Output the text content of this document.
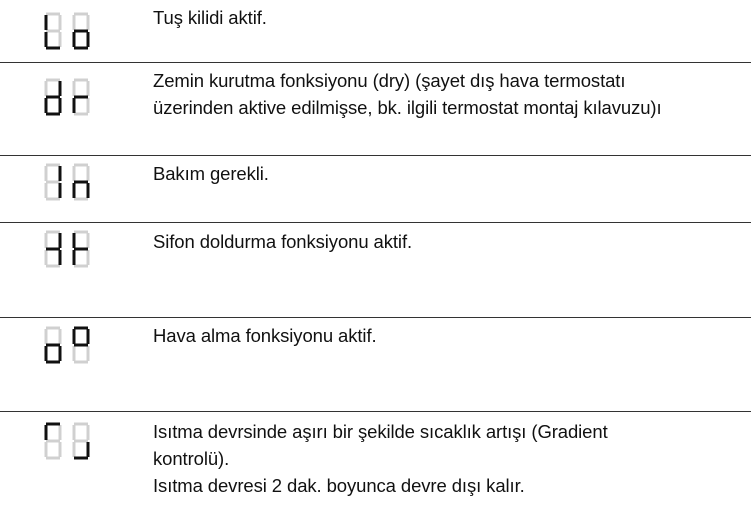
Tuş kilidi aktif.

Zemin kurutma fonksiyonu (dry) (şayet dış hava termostatı

üzerinden aktive edilmişse, bk. ilgili termostat montaj kılavuzu)ı

Bakım gerekli.

Sifon doldurma fonksiyonu aktif.

Hava alma fonksiyonu aktif.

Isıtma devrsinde aşırı bir şekilde sıcaklık artışı (Gradient

kontrolü).

Isıtma devresi 2 dak. boyunca devre dışı kalır.
